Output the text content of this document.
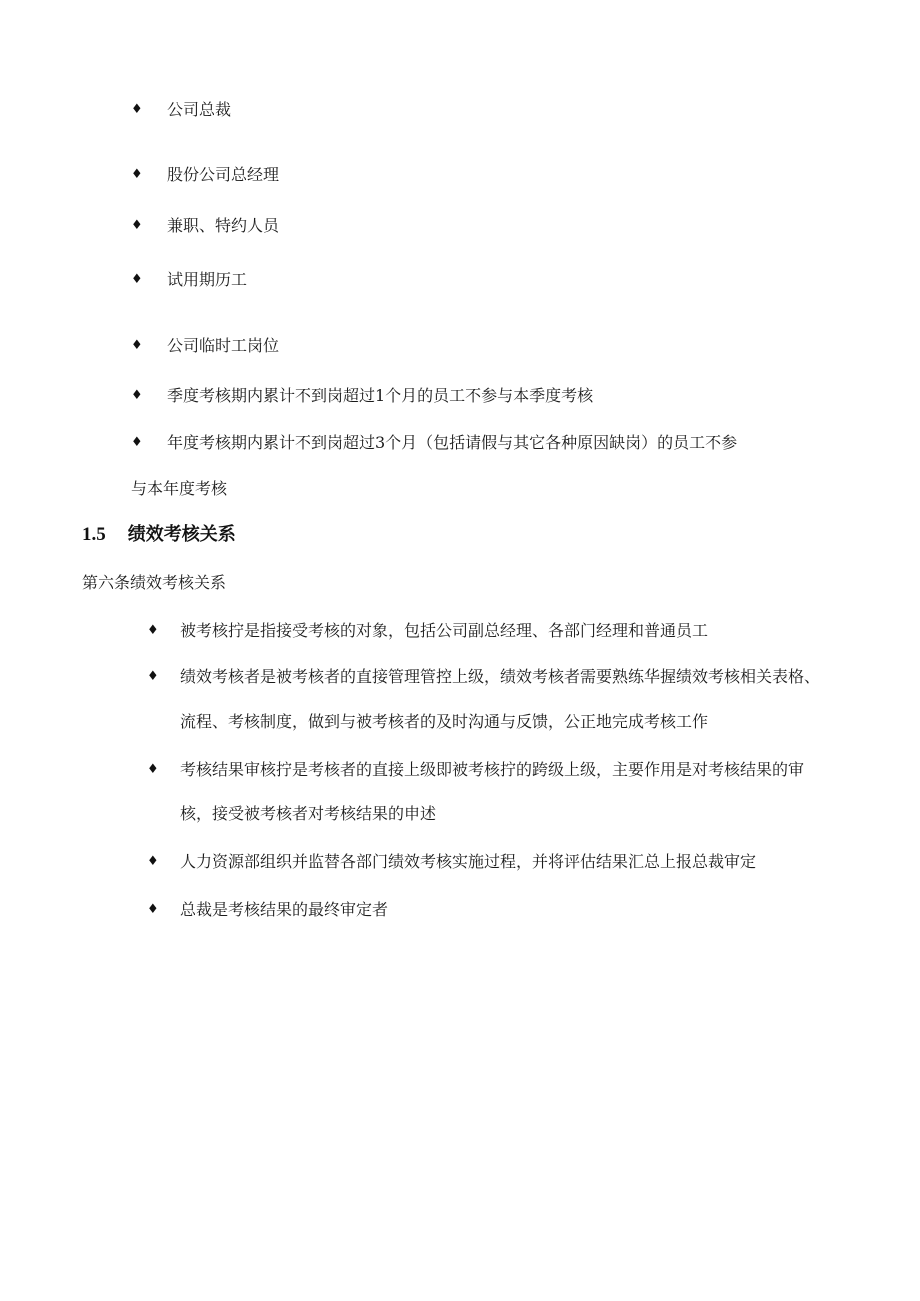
♦ 公司总裁
♦ 股份公司总经理
♦ 兼职、特约人员
♦ 试用期历工
♦ 公司临时工岗位
♦ 季度考核期内累计不到岗超过1个月的员工不参与本季度考核
♦ 年度考核期内累计不到岗超过3个月（包括请假与其它各种原因缺岗）的员工不参
与本年度考核
1.5 绩效考核关系
第六条绩效考核关系
♦ 被考核拧是指接受考核的对象，包括公司副总经理、各部门经理和普通员工
♦ 绩效考核者是被考核者的直接管理管控上级，绩效考核者需要熟练华握绩效考核相关表格、
流程、考核制度，做到与被考核者的及时沟通与反馈，公正地完成考核工作
♦ 考核结果审核拧是考核者的直接上级即被考核拧的跨级上级，主要作用是对考核结果的审
核，接受被考核者对考核结果的申述
♦ 人力资源部组织并监替各部门绩效考核实施过程，并将评估结果汇总上报总裁审定
♦ 总裁是考核结果的最终审定者
